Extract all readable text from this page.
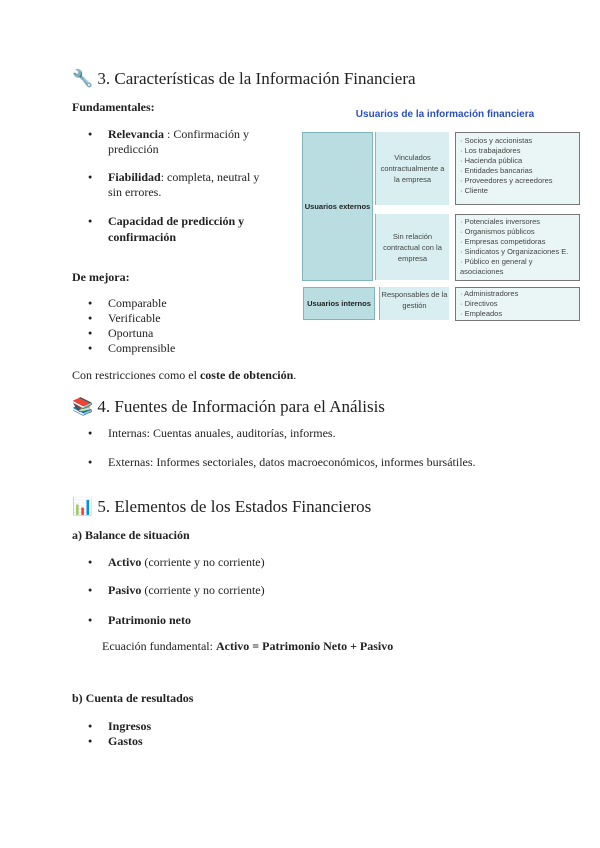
🔧 3. Características de la Información Financiera
Fundamentales:
● Relevancia : Confirmación y
predicción
● Fiabilidad: completa, neutral y
sin errores.
● Capacidad de predicción y
confirmación
De mejora:
● Comparable
● Verificable
● Oportuna
● Comprensible
Con restricciones como el coste de obtención.
Usuarios de la información financiera
Usuarios externos
Vinculados contractualmente a la empresa
· Socios y accionistas
· Los trabajadores
· Hacienda pública
· Entidades bancarias
· Proveedores y acreedores
· Cliente
Sin relación contractual con la empresa
· Potenciales inversores
· Organismos públicos
· Empresas competidoras
· Sindicatos y Organizaciones E.
· Público en general y
asociaciones
Usuarios internos
Responsables de la gestión
· Administradores
· Directivos
· Empleados
📚 4. Fuentes de Información para el Análisis
● Internas: Cuentas anuales, auditorías, informes.
● Externas: Informes sectoriales, datos macroeconómicos, informes bursátiles.
📊 5. Elementos de los Estados Financieros
a) Balance de situación
● Activo (corriente y no corriente)
● Pasivo (corriente y no corriente)
● Patrimonio neto
Ecuación fundamental: Activo = Patrimonio Neto + Pasivo
b) Cuenta de resultados
● Ingresos
● Gastos
